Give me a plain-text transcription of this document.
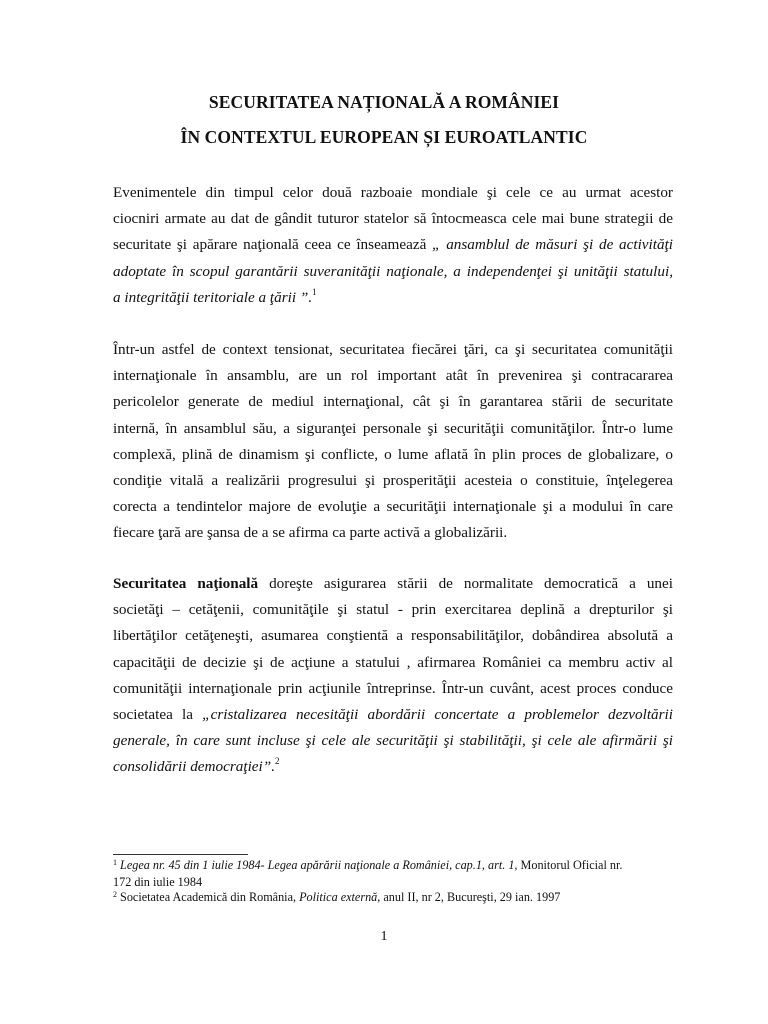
SECURITATEA NAȚIONALĂ A ROMÂNIEI
ÎN CONTEXTUL EUROPEAN ȘI EUROATLANTIC
Evenimentele din timpul celor două razboaie mondiale şi cele ce au urmat acestor
ciocniri armate au dat de gândit tuturor statelor să întocmeasca cele mai bune strategii de
securitate şi apărare naţională ceea ce înseamează „ ansamblul de măsuri şi de activităţi
adoptate în scopul garantării suveranităţii naţionale, a independenţei şi unităţii statului,
a integrităţii teritoriale a ţării ”.$^1$
Într-un astfel de context tensionat, securitatea fiecărei ţări, ca şi securitatea comunităţii
internaţionale în ansamblu, are un rol important atât în prevenirea şi contracararea
pericolelor generate de mediul internaţional, cât şi în garantarea stării de securitate
internă, în ansamblul său, a siguranţei personale şi securităţii comunităţilor. Într-o lume
complexă, plină de dinamism şi conflicte, o lume aflată în plin proces de globalizare, o
condiţie vitală a realizării progresului şi prosperităţii acesteia o constituie, înţelegerea
corecta a tendintelor majore de evoluţie a securităţii internaţionale şi a modului în care
fiecare ţară are şansa de a se afirma ca parte activă a globalizării.
Securitatea naţională doreşte asigurarea stării de normalitate democratică a unei
societăţi – cetăţenii, comunităţile şi statul - prin exercitarea deplină a drepturilor şi
libertăţilor cetăţeneşti, asumarea conştientă a responsabilităţilor, dobândirea absolută a
capacităţii de decizie şi de acţiune a statului , afirmarea României ca membru activ al
comunităţii internaţionale prin acţiunile întreprinse. Într-un cuvânt, acest proces conduce
societatea la „cristalizarea necesităţii abordării concertate a problemelor dezvoltării
generale, în care sunt incluse şi cele ale securităţii şi stabilităţii, şi cele ale afirmării şi
consolidării democraţiei”.$^2$
$^1$ Legea nr. 45 din 1 iulie 1984- Legea apărării naţionale a României, cap.1, art. 1, Monitorul Oficial nr.
172 din iulie 1984
$^2$ Societatea Academică din România, Politica externă, anul II, nr 2, Bucureşti, 29 ian. 1997
1
